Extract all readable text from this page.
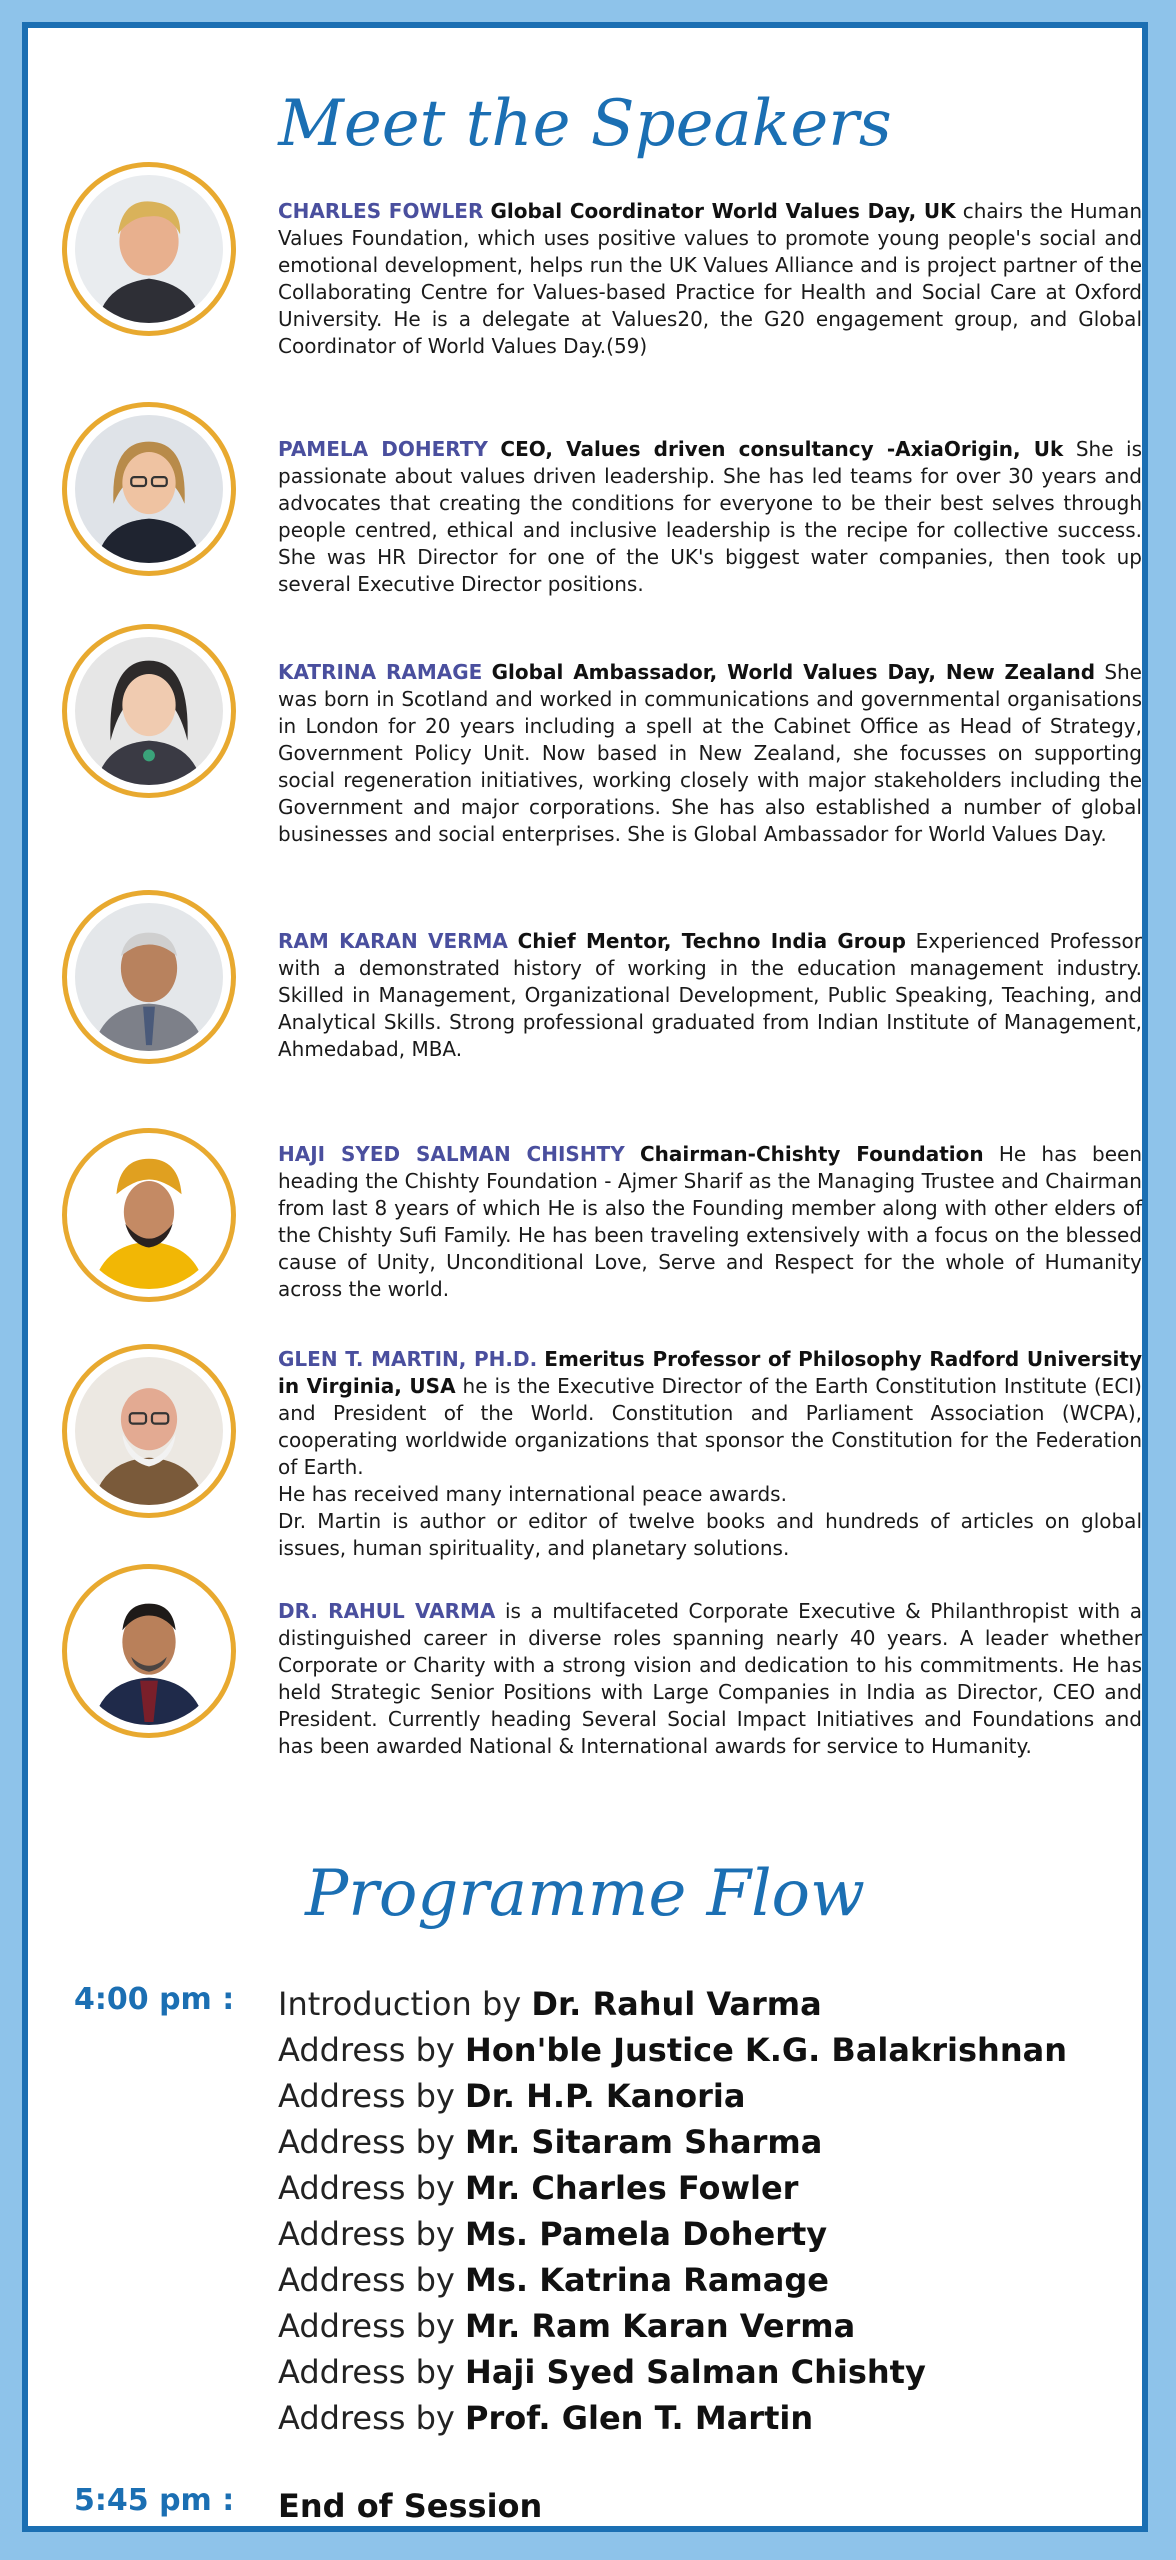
Meet the Speakers

CHARLES FOWLER Global Coordinator World Values Day, UK chairs the Human Values Foundation, which uses positive values to promote young people's social and emotional development, helps run the UK Values Alliance and is project partner of the Collaborating Centre for Values-based Practice for Health and Social Care at Oxford University. He is a delegate at Values20, the G20 engagement group, and Global Coordinator of World Values Day.(59)

PAMELA DOHERTY CEO, Values driven consultancy -AxiaOrigin, Uk She is passionate about values driven leadership. She has led teams for over 30 years and advocates that creating the conditions for everyone to be their best selves through people centred, ethical and inclusive leadership is the recipe for collective success. She was HR Director for one of the UK's biggest water companies, then took up several Executive Director positions.

KATRINA RAMAGE Global Ambassador, World Values Day, New Zealand She was born in Scotland and worked in communications and governmental organisations in London for 20 years including a spell at the Cabinet Office as Head of Strategy, Government Policy Unit. Now based in New Zealand, she focusses on supporting social regeneration initiatives, working closely with major stakeholders including the Government and major corporations. She has also established a number of global businesses and social enterprises. She is Global Ambassador for World Values Day.

RAM KARAN VERMA Chief Mentor, Techno India Group Experienced Professor with a demonstrated history of working in the education management industry. Skilled in Management, Organizational Development, Public Speaking, Teaching, and Analytical Skills. Strong professional graduated from Indian Institute of Management, Ahmedabad, MBA.

HAJI SYED SALMAN CHISHTY Chairman-Chishty Foundation He has been heading the Chishty Foundation - Ajmer Sharif as the Managing Trustee and Chairman from last 8 years of which He is also the Founding member along with other elders of the Chishty Sufi Family. He has been traveling extensively with a focus on the blessed cause of Unity, Unconditional Love, Serve and Respect for the whole of Humanity across the world.

GLEN T. MARTIN, PH.D. Emeritus Professor of Philosophy Radford University in Virginia, USA he is the Executive Director of the Earth Constitution Institute (ECI) and President of the World. Constitution and Parliament Association (WCPA), cooperating worldwide organizations that sponsor the Constitution for the Federation of Earth.
He has received many international peace awards.
Dr. Martin is author or editor of twelve books and hundreds of articles on global issues, human spirituality, and planetary solutions.

DR. RAHUL VARMA is a multifaceted Corporate Executive & Philanthropist with a distinguished career in diverse roles spanning nearly 40 years. A leader whether Corporate or Charity with a strong vision and dedication to his commitments. He has held Strategic Senior Positions with Large Companies in India as Director, CEO and President. Currently heading Several Social Impact Initiatives and Foundations and has been awarded National & International awards for service to Humanity.

Programme Flow
4:00 pm : Introduction by Dr. Rahul Varma
Address by Hon'ble Justice K.G. Balakrishnan
Address by Dr. H.P. Kanoria
Address by Mr. Sitaram Sharma
Address by Mr. Charles Fowler
Address by Ms. Pamela Doherty
Address by Ms. Katrina Ramage
Address by Mr. Ram Karan Verma
Address by Haji Syed Salman Chishty
Address by Prof. Glen T. Martin
5:45 pm : End of Session
